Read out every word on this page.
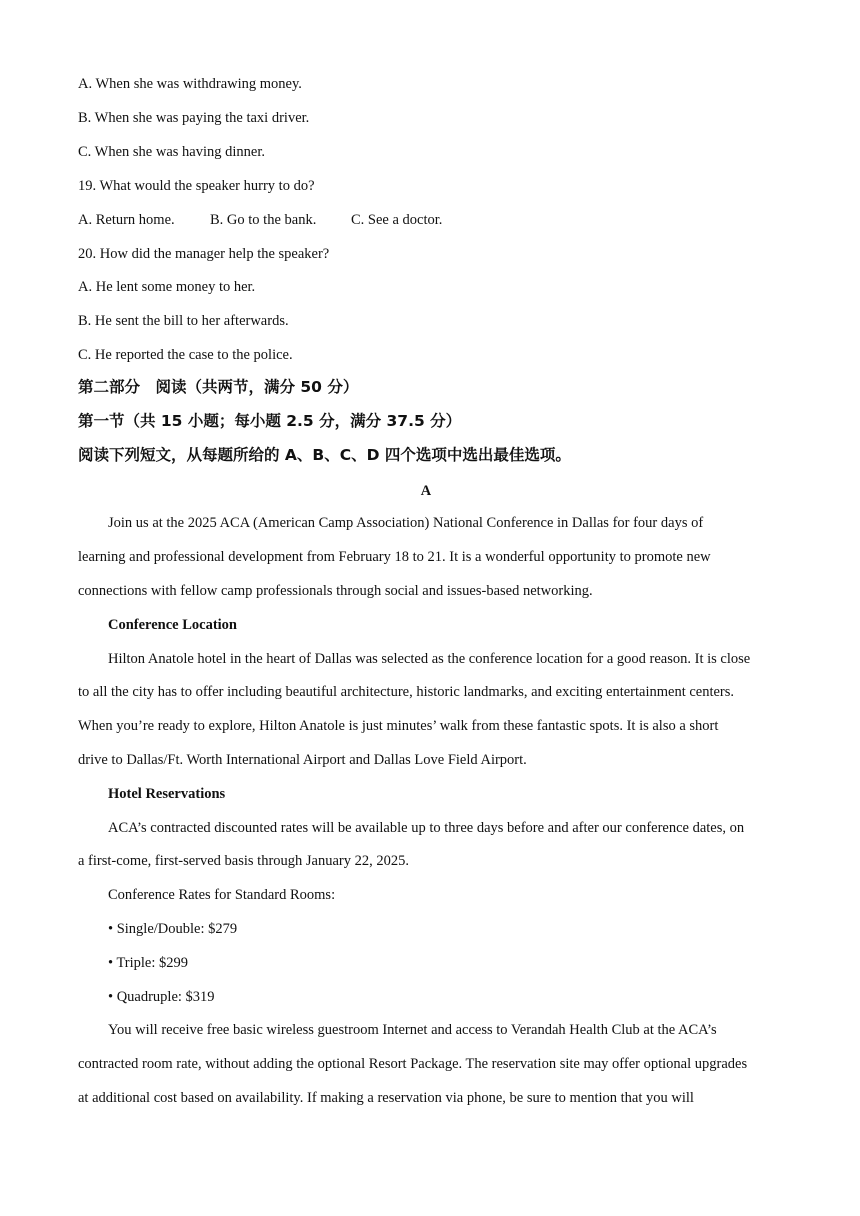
A. When she was withdrawing money.
B. When she was paying the taxi driver.
C. When she was having dinner.
19. What would the speaker hurry to do?
A. Return home. B. Go to the bank. C. See a doctor.
20. How did the manager help the speaker?
A. He lent some money to her.
B. He sent the bill to her afterwards.
C. He reported the case to the police.
第二部分　阅读（共两节，满分 50 分）
第一节（共 15 小题；每小题 2.5 分，满分 37.5 分）
阅读下列短文，从每题所给的 A、B、C、D 四个选项中选出最佳选项。
A
Join us at the 2025 ACA (American Camp Association) National Conference in Dallas for four days of
learning and professional development from February 18 to 21. It is a wonderful opportunity to promote new
connections with fellow camp professionals through social and issues-based networking.
Conference Location
Hilton Anatole hotel in the heart of Dallas was selected as the conference location for a good reason. It is close
to all the city has to offer including beautiful architecture, historic landmarks, and exciting entertainment centers.
When you’re ready to explore, Hilton Anatole is just minutes’ walk from these fantastic spots. It is also a short
drive to Dallas/Ft. Worth International Airport and Dallas Love Field Airport.
Hotel Reservations
ACA’s contracted discounted rates will be available up to three days before and after our conference dates, on
a first-come, first-served basis through January 22, 2025.
Conference Rates for Standard Rooms:
• Single/Double: $279
• Triple: $299
• Quadruple: $319
You will receive free basic wireless guestroom Internet and access to Verandah Health Club at the ACA’s
contracted room rate, without adding the optional Resort Package. The reservation site may offer optional upgrades
at additional cost based on availability. If making a reservation via phone, be sure to mention that you will
